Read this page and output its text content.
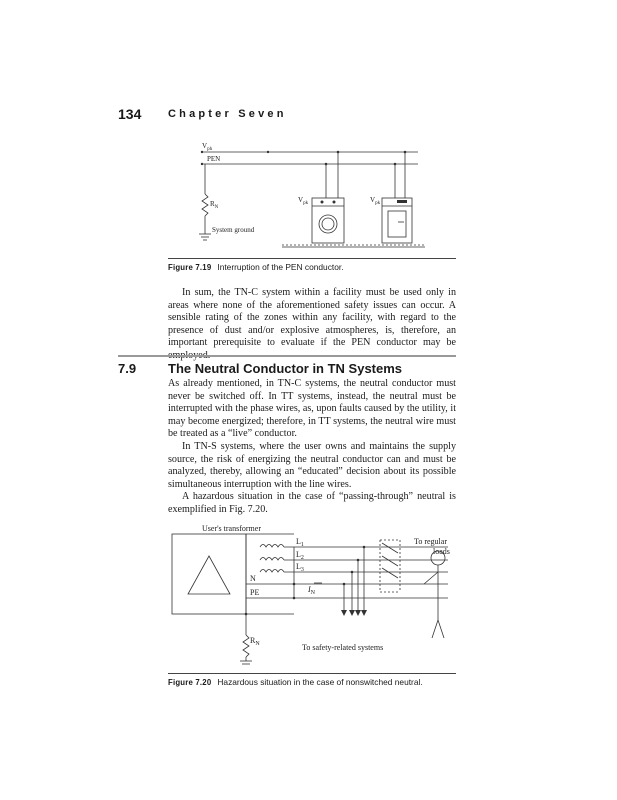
134 Chapter Seven
$V_{ph}$
PEN
$R_N$
System ground
$V_{pk}$	$V_{pk}$
Figure 7.19 Interruption of the PEN conductor.

In sum, the TN-C system within a facility must be used only in areas where none of the aforementioned safety issues can occur. A sensible rating of the zones within any facility, with regard to the presence of dust and/or explosive atmospheres, is, therefore, an important prerequisite to evaluate if the PEN conductor may be employed.

7.9 The Neutral Conductor in TN Systems

As already mentioned, in TN-C systems, the neutral conductor must never be switched off. In TT systems, instead, the neutral must be interrupted with the phase wires, as, upon faults caused by the utility, it may become energized; therefore, in TT systems, the neutral wire must be treated as a “live” conductor.

In TN-S systems, where the user owns and maintains the supply source, the risk of energizing the neutral conductor can and must be analyzed, thereby, allowing an “educated” decision about its possible simultaneous interruption with the line wires.

A hazardous situation in the case of “passing-through” neutral is exemplified in Fig. 7.20.

User's transformer
$L_1$
$L_2$
$L_3$
N
PE	$I_N$
$R_N$
To regular
loads
To safety-related systems
Figure 7.20 Hazardous situation in the case of nonswitched neutral.
